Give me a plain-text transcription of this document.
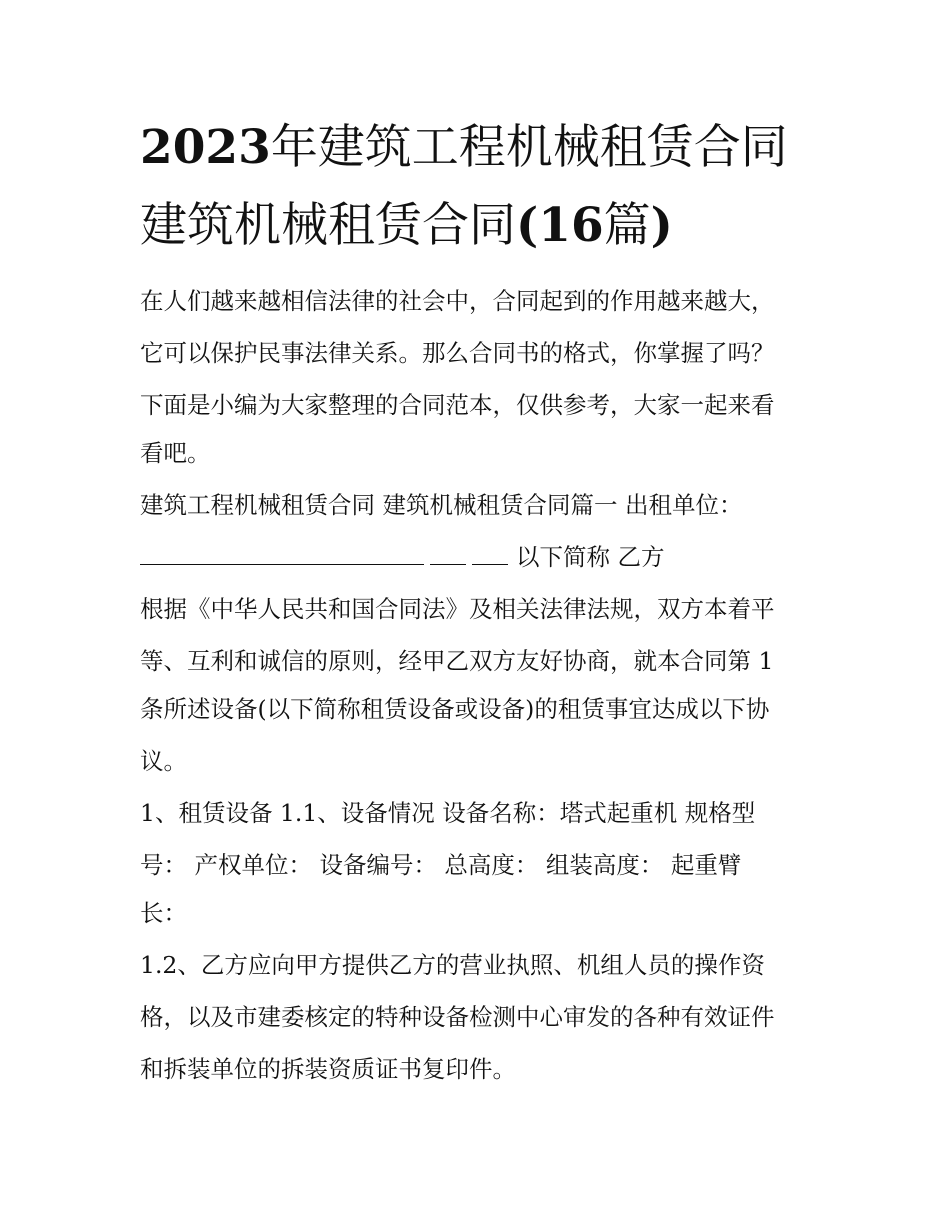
2023年建筑工程机械租赁合同
建筑机械租赁合同(16篇)

在人们越来越相信法律的社会中，合同起到的作用越来越大，

它可以保护民事法律关系。那么合同书的格式，你掌握了吗？

下面是小编为大家整理的合同范本，仅供参考，大家一起来看

看吧。

建筑工程机械租赁合同 建筑机械租赁合同篇一 出租单位：

以下简称 乙方

根据《中华人民共和国合同法》及相关法律法规，双方本着平

等、互利和诚信的原则，经甲乙双方友好协商，就本合同第 1

条所述设备(以下简称租赁设备或设备)的租赁事宜达成以下协

议。

1、租赁设备 1.1、设备情况 设备名称：塔式起重机 规格型

号： 产权单位： 设备编号： 总高度： 组装高度： 起重臂

长：

1.2、乙方应向甲方提供乙方的营业执照、机组人员的操作资

格，以及市建委核定的特种设备检测中心审发的各种有效证件

和拆装单位的拆装资质证书复印件。
